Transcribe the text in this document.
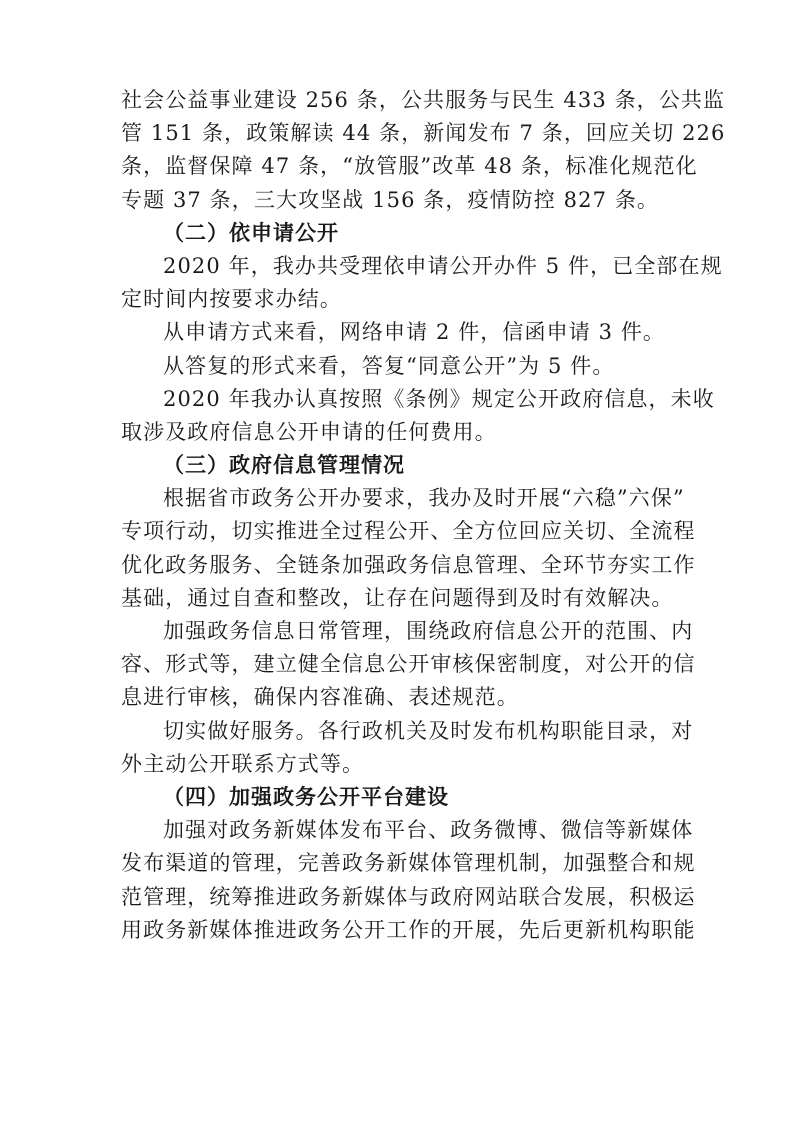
社会公益事业建设 256 条，公共服务与民生 433 条，公共监
管 151 条，政策解读 44 条，新闻发布 7 条，回应关切 226
条，监督保障 47 条，“放管服”改革 48 条，标准化规范化
专题 37 条，三大攻坚战 156 条，疫情防控 827 条。
（二）依申请公开
2020 年，我办共受理依申请公开办件 5 件，已全部在规
定时间内按要求办结。
从申请方式来看，网络申请 2 件，信函申请 3 件。
从答复的形式来看，答复“同意公开”为 5 件。
2020 年我办认真按照《条例》规定公开政府信息，未收
取涉及政府信息公开申请的任何费用。
（三）政府信息管理情况
根据省市政务公开办要求，我办及时开展“六稳”六保”
专项行动，切实推进全过程公开、全方位回应关切、全流程
优化政务服务、全链条加强政务信息管理、全环节夯实工作
基础，通过自查和整改，让存在问题得到及时有效解决。
加强政务信息日常管理，围绕政府信息公开的范围、内
容、形式等，建立健全信息公开审核保密制度，对公开的信
息进行审核，确保内容准确、表述规范。
切实做好服务。各行政机关及时发布机构职能目录，对
外主动公开联系方式等。
（四）加强政务公开平台建设
加强对政务新媒体发布平台、政务微博、微信等新媒体
发布渠道的管理，完善政务新媒体管理机制，加强整合和规
范管理，统筹推进政务新媒体与政府网站联合发展，积极运
用政务新媒体推进政务公开工作的开展，先后更新机构职能
